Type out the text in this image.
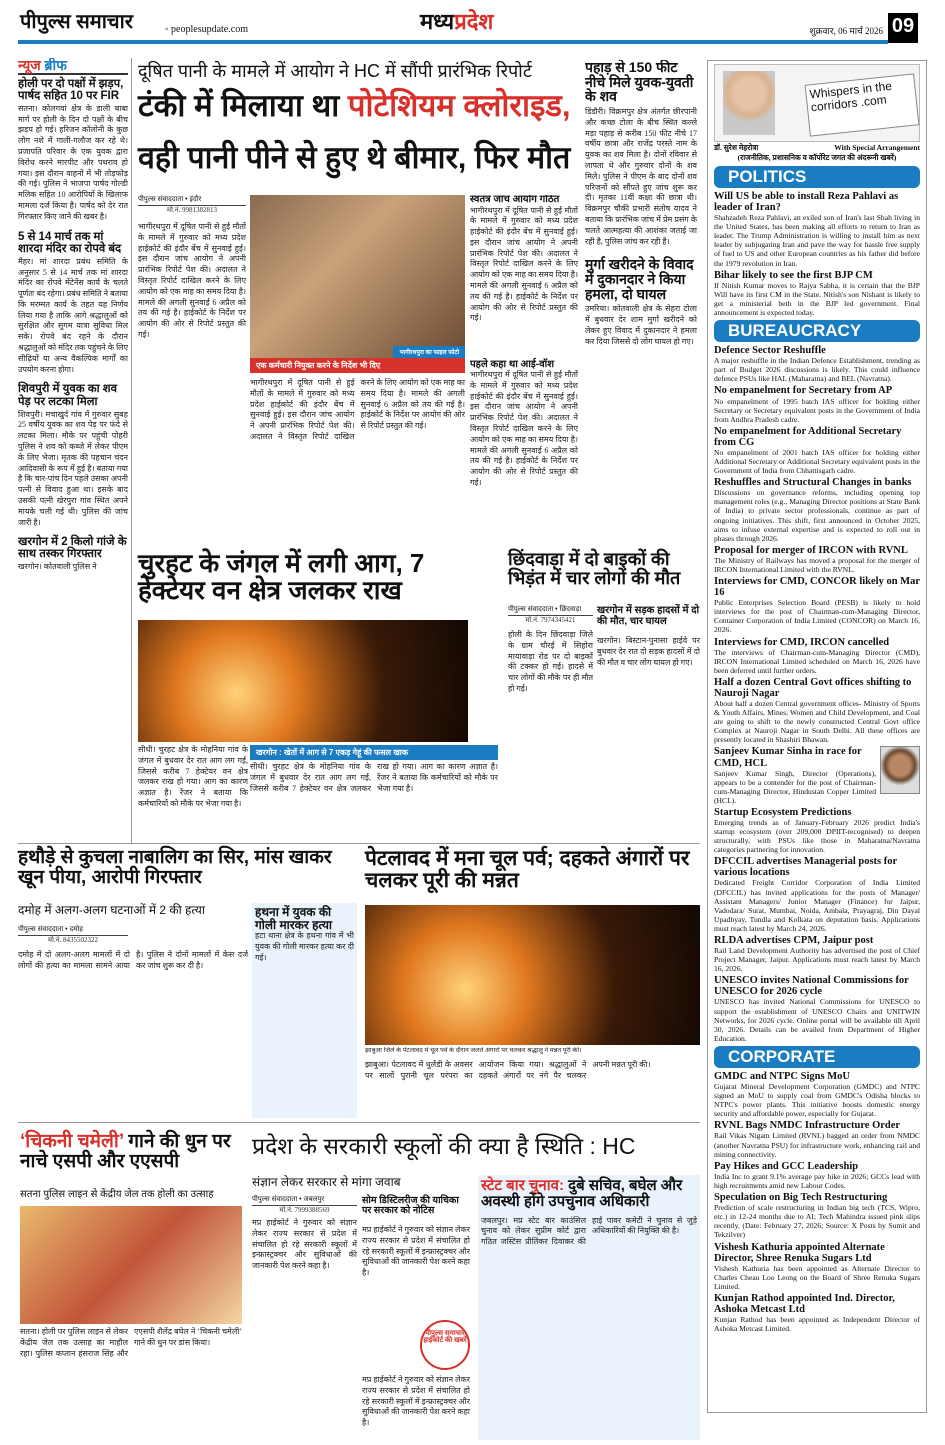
पीपुल्स समाचार	◦ peoplesupdate.com	मध्यप्रदेश	शुक्रवार, 06 मार्च 2026 09
न्यूज ब्रीफ
होली पर दो पक्षों में झड़प, पार्षद सहित 10 पर FIR
सतना। कोलगवां क्षेत्र के डाली बाबा मार्ग पर होली के दिन दो पक्षों के बीच झड़प हो गई। हरिजन कॉलोनी के कुछ लोग नशे में गाली-गलौज कर रहे थे। प्रजापति परिवार के एक युवक द्वारा विरोध करने मारपीट और पथराव हो गया। इस दौरान वाहनों में भी तोड़फोड़ की गई। पुलिस ने भाजपा पार्षद गोल्डी मलिक सहित 10 आरोपियों के खिलाफ मामला दर्ज किया है। पार्षद को देर रात गिरफ्तार किए जाने की खबर है।
5 से 14 मार्च तक मां शारदा मंदिर का रोपवे बंद
मैहर। मां शारदा प्रबंध समिति के अनुसार 5 से 14 मार्च तक मां शारदा मंदिर का रोपवे मेंटेनेंस कार्य के चलते पूर्णतः बंद रहेगा। प्रबंध समिति ने बताया कि मरम्मत कार्य के तहत यह निर्णय लिया गया है ताकि आगे श्रद्धालुओं को सुरक्षित और सुगम यात्रा सुविधा मिल सके। रोपवे बंद रहने के दौरान श्रद्धालुओं को मंदिर तक पहुंचने के लिए सीढ़ियों या अन्य वैकल्पिक मार्गों का उपयोग करना होगा।
शिवपुरी में युवक का शव पेड़ पर लटका मिला
शिवपुरी। मचाखुर्द गांव में गुरुवार सुबह 25 वर्षीय युवक का शव पेड़ पर फंदे से लटका मिला। मौके पर पहुंची पोहरी पुलिस ने शव को कब्जे में लेकर पीएम के लिए भेजा। मृतक की पहचान चंदन आदिवासी के रूप में हुई है। बताया गया है कि चार-पांच दिन पहले उसका अपनी पत्नी से विवाद हुआ था। इसके बाद उसकी पत्नी खेरपुरा गांव स्थित अपने मायके चली गई थी। पुलिस की जांच जारी है।
खरगोन में 2 किलो गांजे के साथ तस्कर गिरफ्तार
खरगोन। कोतवाली पुलिस ने
दूषित पानी के मामले में आयोग ने HC में सौंपी प्रारंभिक रिपोर्ट
टंकी में मिलाया था पोटेशियम क्लोराइड,
वही पानी पीने से हुए थे बीमार, फिर मौत
पीपुल्स संवाददाता • इंदौर
मो.नं. 9981382813
भागीरथपुरा में दूषित पानी से हुई मौतों के मामले में गुरुवार को मध्य प्रदेश हाईकोर्ट की इंदौर बेंच में सुनवाई हुई। इस दौरान जांच आयोग ने अपनी प्रारंभिक रिपोर्ट पेश की। अदालत ने विस्तृत रिपोर्ट दाखिल करने के लिए आयोग को एक माह का समय दिया है। मामले की अगली सुनवाई 6 अप्रैल को तय की गई है। हाईकोर्ट के निर्देश पर आयोग की ओर से रिपोर्ट प्रस्तुत की गई।
भागीरथपुरा का फाइल फोटो
एक कर्मचारी नियुक्त करने के निर्देश भी दिए
भागीरथपुरा में दूषित पानी से हुई मौतों के मामले में गुरुवार को मध्य प्रदेश हाईकोर्ट की इंदौर बेंच में सुनवाई हुई। इस दौरान जांच आयोग ने अपनी प्रारंभिक रिपोर्ट पेश की। अदालत ने विस्तृत रिपोर्ट दाखिल करने के लिए आयोग को एक माह का समय दिया है। मामले की अगली सुनवाई 6 अप्रैल को तय की गई है। हाईकोर्ट के निर्देश पर आयोग की ओर से रिपोर्ट प्रस्तुत की गई।
स्वतंत्र जांच आयोग गठित
भागीरथपुरा में दूषित पानी से हुई मौतों के मामले में गुरुवार को मध्य प्रदेश हाईकोर्ट की इंदौर बेंच में सुनवाई हुई। इस दौरान जांच आयोग ने अपनी प्रारंभिक रिपोर्ट पेश की। अदालत ने विस्तृत रिपोर्ट दाखिल करने के लिए आयोग को एक माह का समय दिया है। मामले की अगली सुनवाई 6 अप्रैल को तय की गई है। हाईकोर्ट के निर्देश पर आयोग की ओर से रिपोर्ट प्रस्तुत की गई।
पहले कहा था आई-वॉश
भागीरथपुरा में दूषित पानी से हुई मौतों के मामले में गुरुवार को मध्य प्रदेश हाईकोर्ट की इंदौर बेंच में सुनवाई हुई। इस दौरान जांच आयोग ने अपनी प्रारंभिक रिपोर्ट पेश की। अदालत ने विस्तृत रिपोर्ट दाखिल करने के लिए आयोग को एक माह का समय दिया है। मामले की अगली सुनवाई 6 अप्रैल को तय की गई है। हाईकोर्ट के निर्देश पर आयोग की ओर से रिपोर्ट प्रस्तुत की गई।
पहाड़ से 150 फीट नीचे मिले युवक-युवती के शव
डिंडौरी। विक्रमपुर क्षेत्र अंतर्गत छीरपानी और कच्छ टोला के बीच स्थित कल्ले मड़ा पहाड़ से करीब 150 फीट नीचे 17 वर्षीय छात्रा और राजेंद्र परस्ते नाम के युवक का शव मिला है। दोनों रविवार से लापता थे और गुरुवार दोनों के शव मिले। पुलिस ने पीएम के बाद दोनों शव परिजनों को सौंपते हुए जांच शुरू कर दी। मृतका 11वीं कक्षा की छात्रा थी। विक्रमपुर चौकी प्रभारी संतोष यादव ने बताया कि प्रारंभिक जांच में प्रेम प्रसंग के चलते आत्महत्या की आशंका जताई जा रही है, पुलिस जांच कर रही है।
मुर्गा खरीदने के विवाद में दुकानदार ने किया हमला, दो घायल
उमरिया। कोतवाली क्षेत्र के सेहरा टोला में बुधवार देर शाम मुर्गा खरीदने को लेकर हुए विवाद में दुकानदार ने हमला कर दिया जिससे दो लोग घायल हो गए।
चुरहट के जंगल में लगी आग, 7 हेक्टेयर वन क्षेत्र जलकर राख
सीधी। चुरहट क्षेत्र के मोहनिया गांव के जंगल में बुधवार देर रात आग लग गई, जिससे करीब 7 हेक्टेयर वन क्षेत्र जलकर राख हो गया। आग का कारण अज्ञात है। रेंजर ने बताया कि कर्मचारियों को मौके पर भेजा गया है।
खरगोन : खेतों में आग से 7 एकड़ गेहूं की फसल खाक
सीधी। चुरहट क्षेत्र के मोहनिया गांव के जंगल में बुधवार देर रात आग लग गई, जिससे करीब 7 हेक्टेयर वन क्षेत्र जलकर राख हो गया। आग का कारण अज्ञात है। रेंजर ने बताया कि कर्मचारियों को मौके पर भेजा गया है।
छिंदवाड़ा में दो बाइकों की भिड़ंत में चार लोगों की मौत
पीपुल्स संवाददाता • छिंदवाड़ा
मो.नं. 7974345421
होली के दिन छिंदवाड़ा जिले के ग्राम चौरई में सिहोरा मायावाड़ा रोड पर दो बाइकों की टक्कर हो गई। हादसे में चार लोगों की मौके पर ही मौत हो गई।
खरगोन में सड़क हादसों में दो की मौत, चार घायल
खरगोन। बिस्टान-पुनासा हाईवे पर बुधवार देर रात दो सड़क हादसों में दो की मौत व चार लोग घायल हो गए।
हथौड़े से कुचला नाबालिग का सिर, मांस खाकर खून पीया, आरोपी गिरफ्तार
दमोह में अलग-अलग घटनाओं में 2 की हत्या
पीपुल्स संवाददाता • दमोह
मो.नं. 8435502322
दमोह में दो अलग-अलग मामलों में दो लोगों की हत्या का मामला सामने आया है। पुलिस ने दोनों मामलों में केस दर्ज कर जांच शुरू कर दी है।
हथना में युवक की गोली मारकर हत्या
हटा थाना क्षेत्र के हथना गांव में भी युवक की गोली मारकर हत्या कर दी गई।
पेटलावद में मना चूल पर्व; दहकते अंगारों पर चलकर पूरी की मन्नत
झाबुआ जिले के पेटलावद में चूल पर्व के दौरान जलते अंगारों पर चलकर श्रद्धालु ने मन्नत पूरी की।
झाबुआ। पेटलावद में धुलेंडी के अवसर पर सालों पुरानी चूल परंपरा का आयोजन किया गया। श्रद्धालुओं ने दहकते अंगारों पर नंगे पैर चलकर अपनी मन्नत पूरी की।
‘चिकनी चमेली’ गाने की धुन पर नाचे एसपी और एएसपी
सतना पुलिस लाइन से केंद्रीय जेल तक होली का उत्साह
सतना। होली पर पुलिस लाइन से लेकर केंद्रीय जेल तक उत्साह का माहौल रहा। पुलिस कप्तान हंसराज सिंह और एएसपी शैलेंद्र बघेल ने ‘चिकनी चमेली’ गाने की धुन पर डांस किया।
प्रदेश के सरकारी स्कूलों की क्या है स्थिति : HC
संज्ञान लेकर सरकार से मांगा जवाब
पीपुल्स संवाददाता • जबलपुर
मो.नं. 7999388569
मप्र हाईकोर्ट ने गुरुवार को संज्ञान लेकर राज्य सरकार से प्रदेश में संचालित हो रहे सरकारी स्कूलों में इन्फ्रास्ट्रक्चर और सुविधाओं की जानकारी पेश करने कहा है।
सोम डिस्टिलरीज की याचिका पर सरकार को नोटिस
मप्र हाईकोर्ट ने गुरुवार को संज्ञान लेकर राज्य सरकार से प्रदेश में संचालित हो रहे सरकारी स्कूलों में इन्फ्रास्ट्रक्चर और सुविधाओं की जानकारी पेश करने कहा है।
पीपुल्स समाचार हाईकोर्ट की खबरें
मप्र हाईकोर्ट ने गुरुवार को संज्ञान लेकर राज्य सरकार से प्रदेश में संचालित हो रहे सरकारी स्कूलों में इन्फ्रास्ट्रक्चर और सुविधाओं की जानकारी पेश करने कहा है।
स्टेट बार चुनाव: दुबे सचिव, बघेल और अवस्थी होंगे उपचुनाव अधिकारी
जबलपुर। मप्र स्टेट बार काउंसिल चुनाव को लेकर सुप्रीम कोर्ट द्वारा गठित जस्टिस प्रीतिंकर दिवाकर की हाई पावर कमेटी ने चुनाव से जुड़े अधिकारियों की नियुक्ति की है।
Whispers in the corridors .com
डॉ. सुरेश मेहरोत्रा	With Special Arrangement
(राजनीतिक, प्रशासनिक व कॉर्पोरेट जगत की अंदरूनी खबरें)
POLITICS
Will US be able to install Reza Pahlavi as leader of Iran?

Shahzadeh Reza Pahlavi, an exiled son of Iran's last Shah living in the United States, has been making all efforts to return to Iran as leader. The Trump Administration is willing to install him as next leader by subjugating Iran and pave the way for hassle free supply of fuel to US and other European countries as his father did before the 1979 revolution in Iran.

Bihar likely to see the first BJP CM

If Nitish Kumar moves to Rajya Sabha, it is certain that the BJP Will have its first CM in the State. Nitish's son Nishant is likely to get a ministerial beth in the BJP led government. Final announcement is expected today.

BUREAUCRACY
Defence Sector Reshuffle

A major reshuffle in the Indian Defence Establishment, trending as part of Budget 2026 discussions is likely. This could influence defence PSUs like HAL (Maharatna) and BEL (Navratna).

No empanelment for Secretary from AP

No empanelment of 1995 batch IAS officer for holding either Secretary or Secretary equivalent posts in the Government of India from Andhra Pradesh cadre.

No empanelment for Additional Secretary from CG

No empanelment of 2001 batch IAS officer for holding either Additional Secretary or Additional Secretary equivalent posts in the Government of India from Chhattisgarh cadre.

Reshuffles and Structural Changes in banks

Discussions on governance reforms, including opening top management roles (e.g., Managing Director positions at State Bank of India) to private sector professionals, continue as part of ongoing initiatives. This shift, first announced in October 2025, aims to infuse external expertise and is expected to roll out in phases through 2026.

Proposal for merger of IRCON with RVNL

The Ministry of Railways has moved a proposal for the merger of IRCON International Limited with the RVNL.

Interviews for CMD, CONCOR likely on Mar 16

Public Enterprises Selection Board (PESB) is likely to hold interviews for the post of Chairman-cum-Managing Director, Container Corporation of India Limited (CONCOR) on March 16, 2026.

Interviews for CMD, IRCON cancelled

The interviews of Chairman-cum-Managing Director (CMD), IRCON International Limited scheduled on March 16, 2026 have been deferred until further orders.

Half a dozen Central Govt offices shifting to Nauroji Nagar

About half a dozen Central government offices- Ministry of Sports & Youth Affairs, Mines, Women and Child Development, and Coal are going to shift to the newly constructed Central Govt office Complex at Nauroji Nagar in South Delhi. All these offices are presently located in Shashiri Bhawan.

Sanjeev Kumar Sinha in race for CMD, HCL

Sanjeev Kumar Singh, Director (Operations), appears to be a contender for the post of Chairman-cum-Managing Director, Hindustan Copper Limited (HCL).

Startup Ecosystem Predictions

Emerging trends as of January-February 2026 predict India's startup ecosystem (over 209,000 DPIIT-recognised) to deepen structurally, with PSUs like those in Maharatna/Navratna categories partnering for innovation.

DFCCIL advertises Managerial posts for various locations

Dedicated Freight Corridor Corporation of India Limited (DFCCIL) has invited applications for the posts of Manager/ Assistant Managers/ Junior Manager (Finance) for Jaipur, Vadodara/ Surat, Mumbai, Noida, Ambala, Prayagraj, Din Dayal Upadhyay, Tundla and Kolkata on deputation basis. Applications must reach latest by March 24, 2026.

RLDA advertises CPM, Jaipur post

Rail Land Development Authority has advertised the post of Chief Project Manager, Jaipur. Applications must reach latest by March 16, 2026.

UNESCO invites National Commissions for UNESCO for 2026 cycle

UNESCO has invited National Commissions for UNESCO to support the establishment of UNESCO Chairs and UNITWIN Networks, for 2026 cycle. Online portal will be available till April 30, 2026. Details can be availed from Department of Higher Education.

CORPORATE
GMDC and NTPC Signs MoU

Gujarat Mineral Development Corporation (GMDC) and NTPC signed an MoU to supply coal from GMDC's Odisha blocks to NTPC's power plants. This initiative boosts domestic energy security and affordable power, especially for Gujarat.

RVNL Bags NMDC Infrastructure Order

Rail Vikas Nigam Limited (RVNL) bagged an order from NMDC (another Navratna PSU) for infrastructure work, enhancing rail and mining connectivity.

Pay Hikes and GCC Leadership

India Inc to grant 9.1% average pay hike in 2026; GCCs lead with high recruitments amid new Labour Codes.

Speculation on Big Tech Restructuring

Prediction of scale restructuring in Indian big tech (TCS, Wipro, etc.) in 12-24 months due to AI; Tech Mahindra issued pink slips recently. (Date: February 27, 2026; Source: X Posts by Sumit and Tekzilver)

Vishesh Kathuria appointed Alternate Director, Shree Renuka Sugars Ltd

Vishesh Kathuria has been appointed as Alternate Director to Charles Cheau Loo Leong on the Board of Shree Renuka Sugars Limited.

Kunjan Rathod appointed Ind. Director, Ashoka Metcast Ltd

Kunjan Rathod has been appointed as Independent Director of Ashoka Metcast Limited.
